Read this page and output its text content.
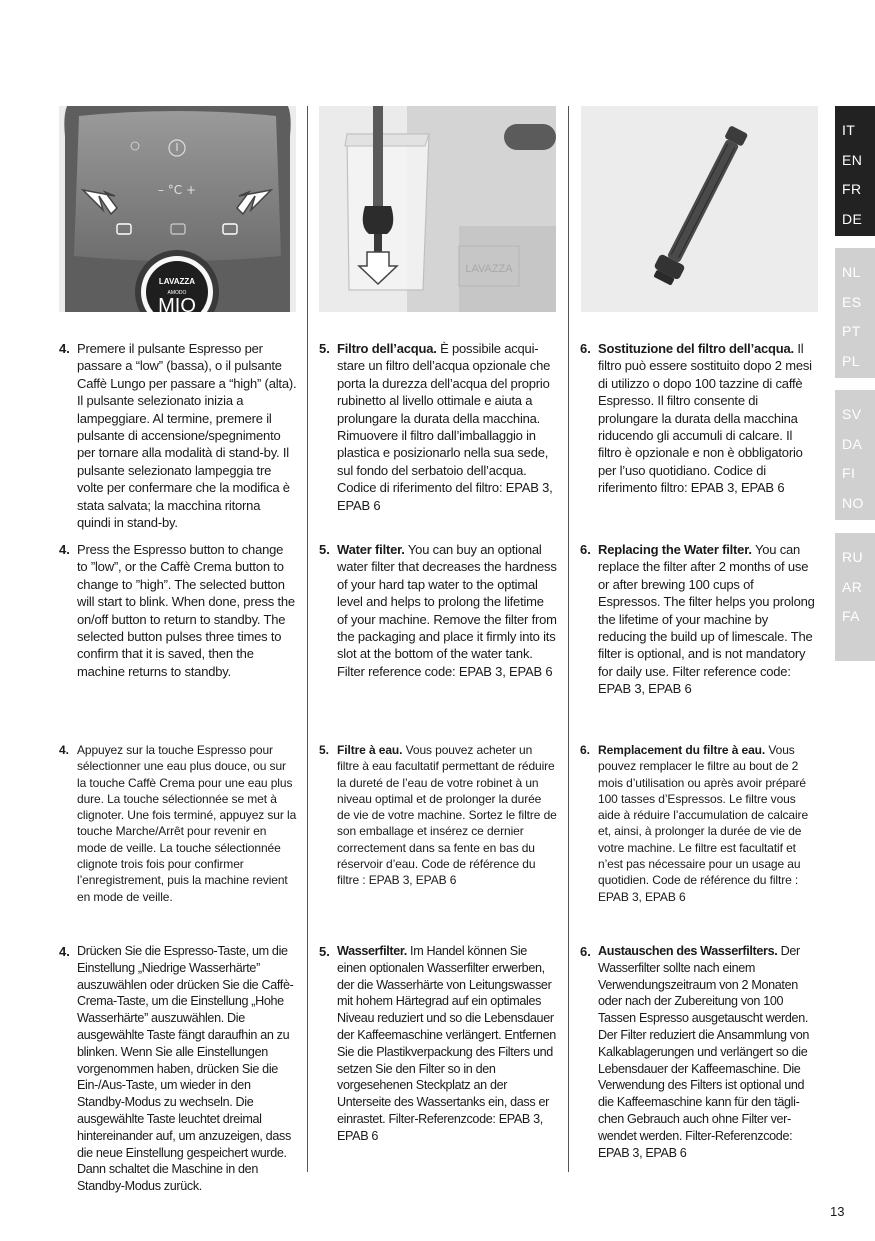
– °C +
LAVAZZA
AMODO
MIO
LAVAZZA
4. Premere il pulsante Espresso per passare a “low” (bassa), o il pulsante Caffè Lungo per passare a “high” (alta). Il pulsante selezionato inizia a lampeggiare. Al termine, premere il pulsante di accensione/spegnimento per tornare alla modalità di stand-by. Il pulsante selezionato lampeggia tre volte per confermare che la modifica è stata salvata; la macchina ritorna quindi in stand-by.
4. Press the Espresso button to change to ”low”, or the Caffè Crema button to change to ”high”. The selected button will start to blink. When done, press the on/off button to return to standby. The selected button pulses three times to confirm that it is saved, then the machine returns to standby.
4. Appuyez sur la touche Espresso pour sélectionner une eau plus douce, ou sur la touche Caffè Crema pour une eau plus dure. La touche sélectionnée se met à clignoter. Une fois terminé, appuyez sur la touche Marche/Arrêt pour revenir en mode de veille. La touche sélectionnée clignote trois fois pour confirmer l’enregistrement, puis la machine revient en mode de veille.
4. Drücken Sie die Espresso-Taste, um die Einstellung „Niedrige Wasserhärte” auszuwählen oder drücken Sie die Caffè-Crema-Taste, um die Einstellung „Hohe Wasserhärte” auszuwählen. Die ausgewählte Taste fängt daraufhin an zu blinken. Wenn Sie alle Einstellungen vorgenommen haben, drücken Sie die Ein-/Aus-Taste, um wieder in den Standby-Modus zu wechseln. Die ausgewählte Taste leuchtet dreimal hintereinander auf, um anzuzeigen, dass die neue Einstellung gespeichert wurde. Dann schaltet die Maschine in den Standby-Modus zurück.
5. Filtro dell’acqua. È possibile acquistare un filtro dell’acqua opzionale che porta la durezza dell’acqua del proprio rubinetto al livello ottimale e aiuta a prolungare la durata della macchina. Rimuovere il filtro dall’imballaggio in plastica e posizionarlo nella sua sede, sul fondo del serbatoio dell’acqua. Codice di riferimento del filtro: EPAB 3, EPAB 6
5. Water filter. You can buy an optional water filter that decreases the hardness of your hard tap water to the optimal level and helps to prolong the lifetime of your machine. Remove the filter from the packaging and place it firmly into its slot at the bottom of the water tank. Filter reference code: EPAB 3, EPAB 6
5. Filtre à eau. Vous pouvez acheter un filtre à eau facultatif permettant de réduire la dureté de l’eau de votre robinet à un niveau optimal et de prolonger la durée de vie de votre machine. Sortez le filtre de son emballage et insérez ce dernier correctement dans sa fente en bas du réservoir d’eau. Code de référence du filtre : EPAB 3, EPAB 6
5. Wasserfilter. Im Handel können Sie einen optionalen Wasserfilter erwerben, der die Wasserhärte von Leitungswasser mit hohem Härtegrad auf ein optimales Niveau reduziert und so die Lebensdauer der Kaffeemaschine verlängert. Entfernen Sie die Plastikverpackung des Filters und setzen Sie den Filter so in den vorgesehenen Steckplatz an der Unterseite des Wassertanks ein, dass er einrastet. Filter-Referenzcode: EPAB 3, EPAB 6
6. Sostituzione del filtro dell’acqua. Il filtro può essere sostituito dopo 2 mesi di utilizzo o dopo 100 tazzine di caffè Espresso. Il filtro consente di prolungare la durata della macchina riducendo gli accumuli di calcare. Il filtro è opzionale e non è obbligatorio per l’uso quotidiano. Codice di riferimento filtro: EPAB 3, EPAB 6
6. Replacing the Water filter. You can replace the filter after 2 months of use or after brewing 100 cups of Espressos. The filter helps you prolong the lifetime of your machine by reducing the build up of limescale. The filter is optional, and is not mandatory for daily use. Filter reference code: EPAB 3, EPAB 6
6. Remplacement du filtre à eau. Vous pouvez remplacer le filtre au bout de 2 mois d’utilisation ou après avoir préparé 100 tasses d’Espressos. Le filtre vous aide à réduire l’accumulation de calcaire et, ainsi, à prolonger la durée de vie de votre machine. Le filtre est facultatif et n’est pas nécessaire pour un usage au quotidien. Code de référence du filtre : EPAB 3, EPAB 6
6. Austauschen des Wasserfilters. Der Wasserfilter sollte nach einem Verwendungszeitraum von 2 Monaten oder nach der Zubereitung von 100 Tassen Espresso ausgetauscht werden. Der Filter reduziert die Ansammlung von Kalkablagerungen und verlängert so die Lebensdauer der Kaffeemaschine. Die Verwendung des Filters ist optional und die Kaffeemaschine kann für den täglichen Gebrauch auch ohne Filter verwendet werden. Filter-Referenzcode: EPAB 3, EPAB 6
IT
EN
FR
DE
NL
ES
PT
PL
SV
DA
FI
NO
RU
AR
FA
13
